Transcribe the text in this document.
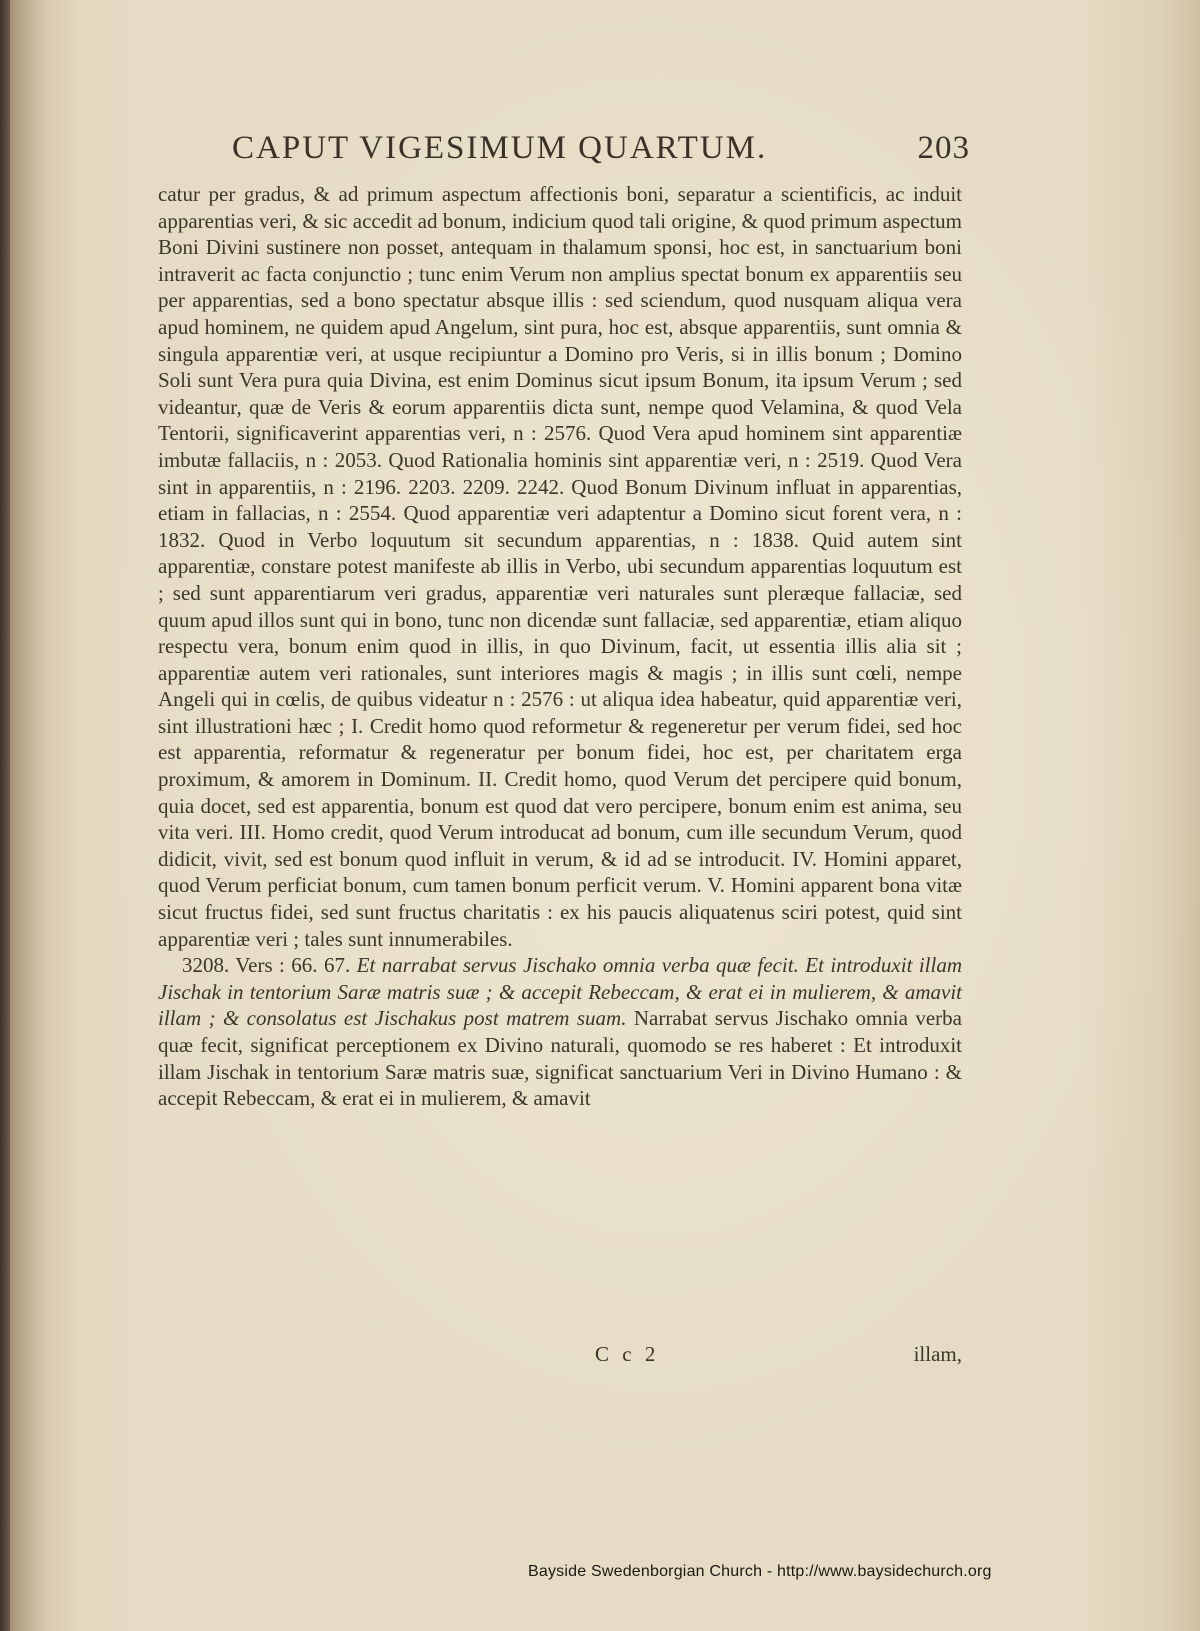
CAPUT VIGESIMUM QUARTUM.	203

catur per gradus, & ad primum aspectum affectionis boni, separatur a scientificis, ac induit apparentias veri, & sic accedit ad bonum, indicium quod tali origine, & quod primum aspectum Boni Divini sustinere non posset, antequam in thalamum sponsi, hoc est, in sanctuarium boni intraverit ac facta conjunctio ; tunc enim Verum non amplius spectat bonum ex apparentiis seu per apparentias, sed a bono spectatur absque illis : sed sciendum, quod nusquam aliqua vera apud hominem, ne quidem apud Angelum, sint pura, hoc est, absque apparentiis, sunt omnia & singula apparentiæ veri, at usque recipiuntur a Domino pro Veris, si in illis bonum ; Domino Soli sunt Vera pura quia Divina, est enim Dominus sicut ipsum Bonum, ita ipsum Verum ; sed videantur, quæ de Veris & eorum apparentiis dicta sunt, nempe quod Velamina, & quod Vela Tentorii, significaverint apparentias veri, n : 2576. Quod Vera apud hominem sint apparentiæ imbutæ fallaciis, n : 2053. Quod Rationalia hominis sint apparentiæ veri, n : 2519. Quod Vera sint in apparentiis, n : 2196. 2203. 2209. 2242. Quod Bonum Divinum influat in apparentias, etiam in fallacias, n : 2554. Quod apparentiæ veri adaptentur a Domino sicut forent vera, n : 1832. Quod in Verbo loquutum sit secundum apparentias, n : 1838. Quid autem sint apparentiæ, constare potest manifeste ab illis in Verbo, ubi secundum apparentias loquutum est ; sed sunt apparentiarum veri gradus, apparentiæ veri naturales sunt pleræque fallaciæ, sed quum apud illos sunt qui in bono, tunc non dicendæ sunt fallaciæ, sed apparentiæ, etiam aliquo respectu vera, bonum enim quod in illis, in quo Divinum, facit, ut essentia illis alia sit ; apparentiæ autem veri rationales, sunt interiores magis & magis ; in illis sunt cœli, nempe Angeli qui in cœlis, de quibus videatur n : 2576 : ut aliqua idea habeatur, quid apparentiæ veri, sint illustrationi hæc ; I. Credit homo quod reformetur & regeneretur per verum fidei, sed hoc est apparentia, reformatur & regeneratur per bonum fidei, hoc est, per charitatem erga proximum, & amorem in Dominum. II. Credit homo, quod Verum det percipere quid bonum, quia docet, sed est apparentia, bonum est quod dat vero percipere, bonum enim est anima, seu vita veri. III. Homo credit, quod Verum introducat ad bonum, cum ille secundum Verum, quod didicit, vivit, sed est bonum quod influit in verum, & id ad se introducit. IV. Homini apparet, quod Verum perficiat bonum, cum tamen bonum perficit verum. V. Homini apparent bona vitæ sicut fructus fidei, sed sunt fructus charitatis : ex his paucis aliquatenus sciri potest, quid sint apparentiæ veri ; tales sunt innumerabiles.

3208. Vers : 66. 67. Et narrabat servus Jischako omnia verba quæ fecit. Et introduxit illam Jischak in tentorium Saræ matris suæ ; & accepit Rebeccam, & erat ei in mulierem, & amavit illam ; & consolatus est Jischakus post matrem suam. Narrabat servus Jischako omnia verba quæ fecit, significat perceptionem ex Divino naturali, quomodo se res haberet : Et introduxit illam Jischak in tentorium Saræ matris suæ, significat sanctuarium Veri in Divino Humano : & accepit Rebeccam, & erat ei in mulierem, & amavit

C c 2	illam,
Bayside Swedenborgian Church - http://www.baysidechurch.org
